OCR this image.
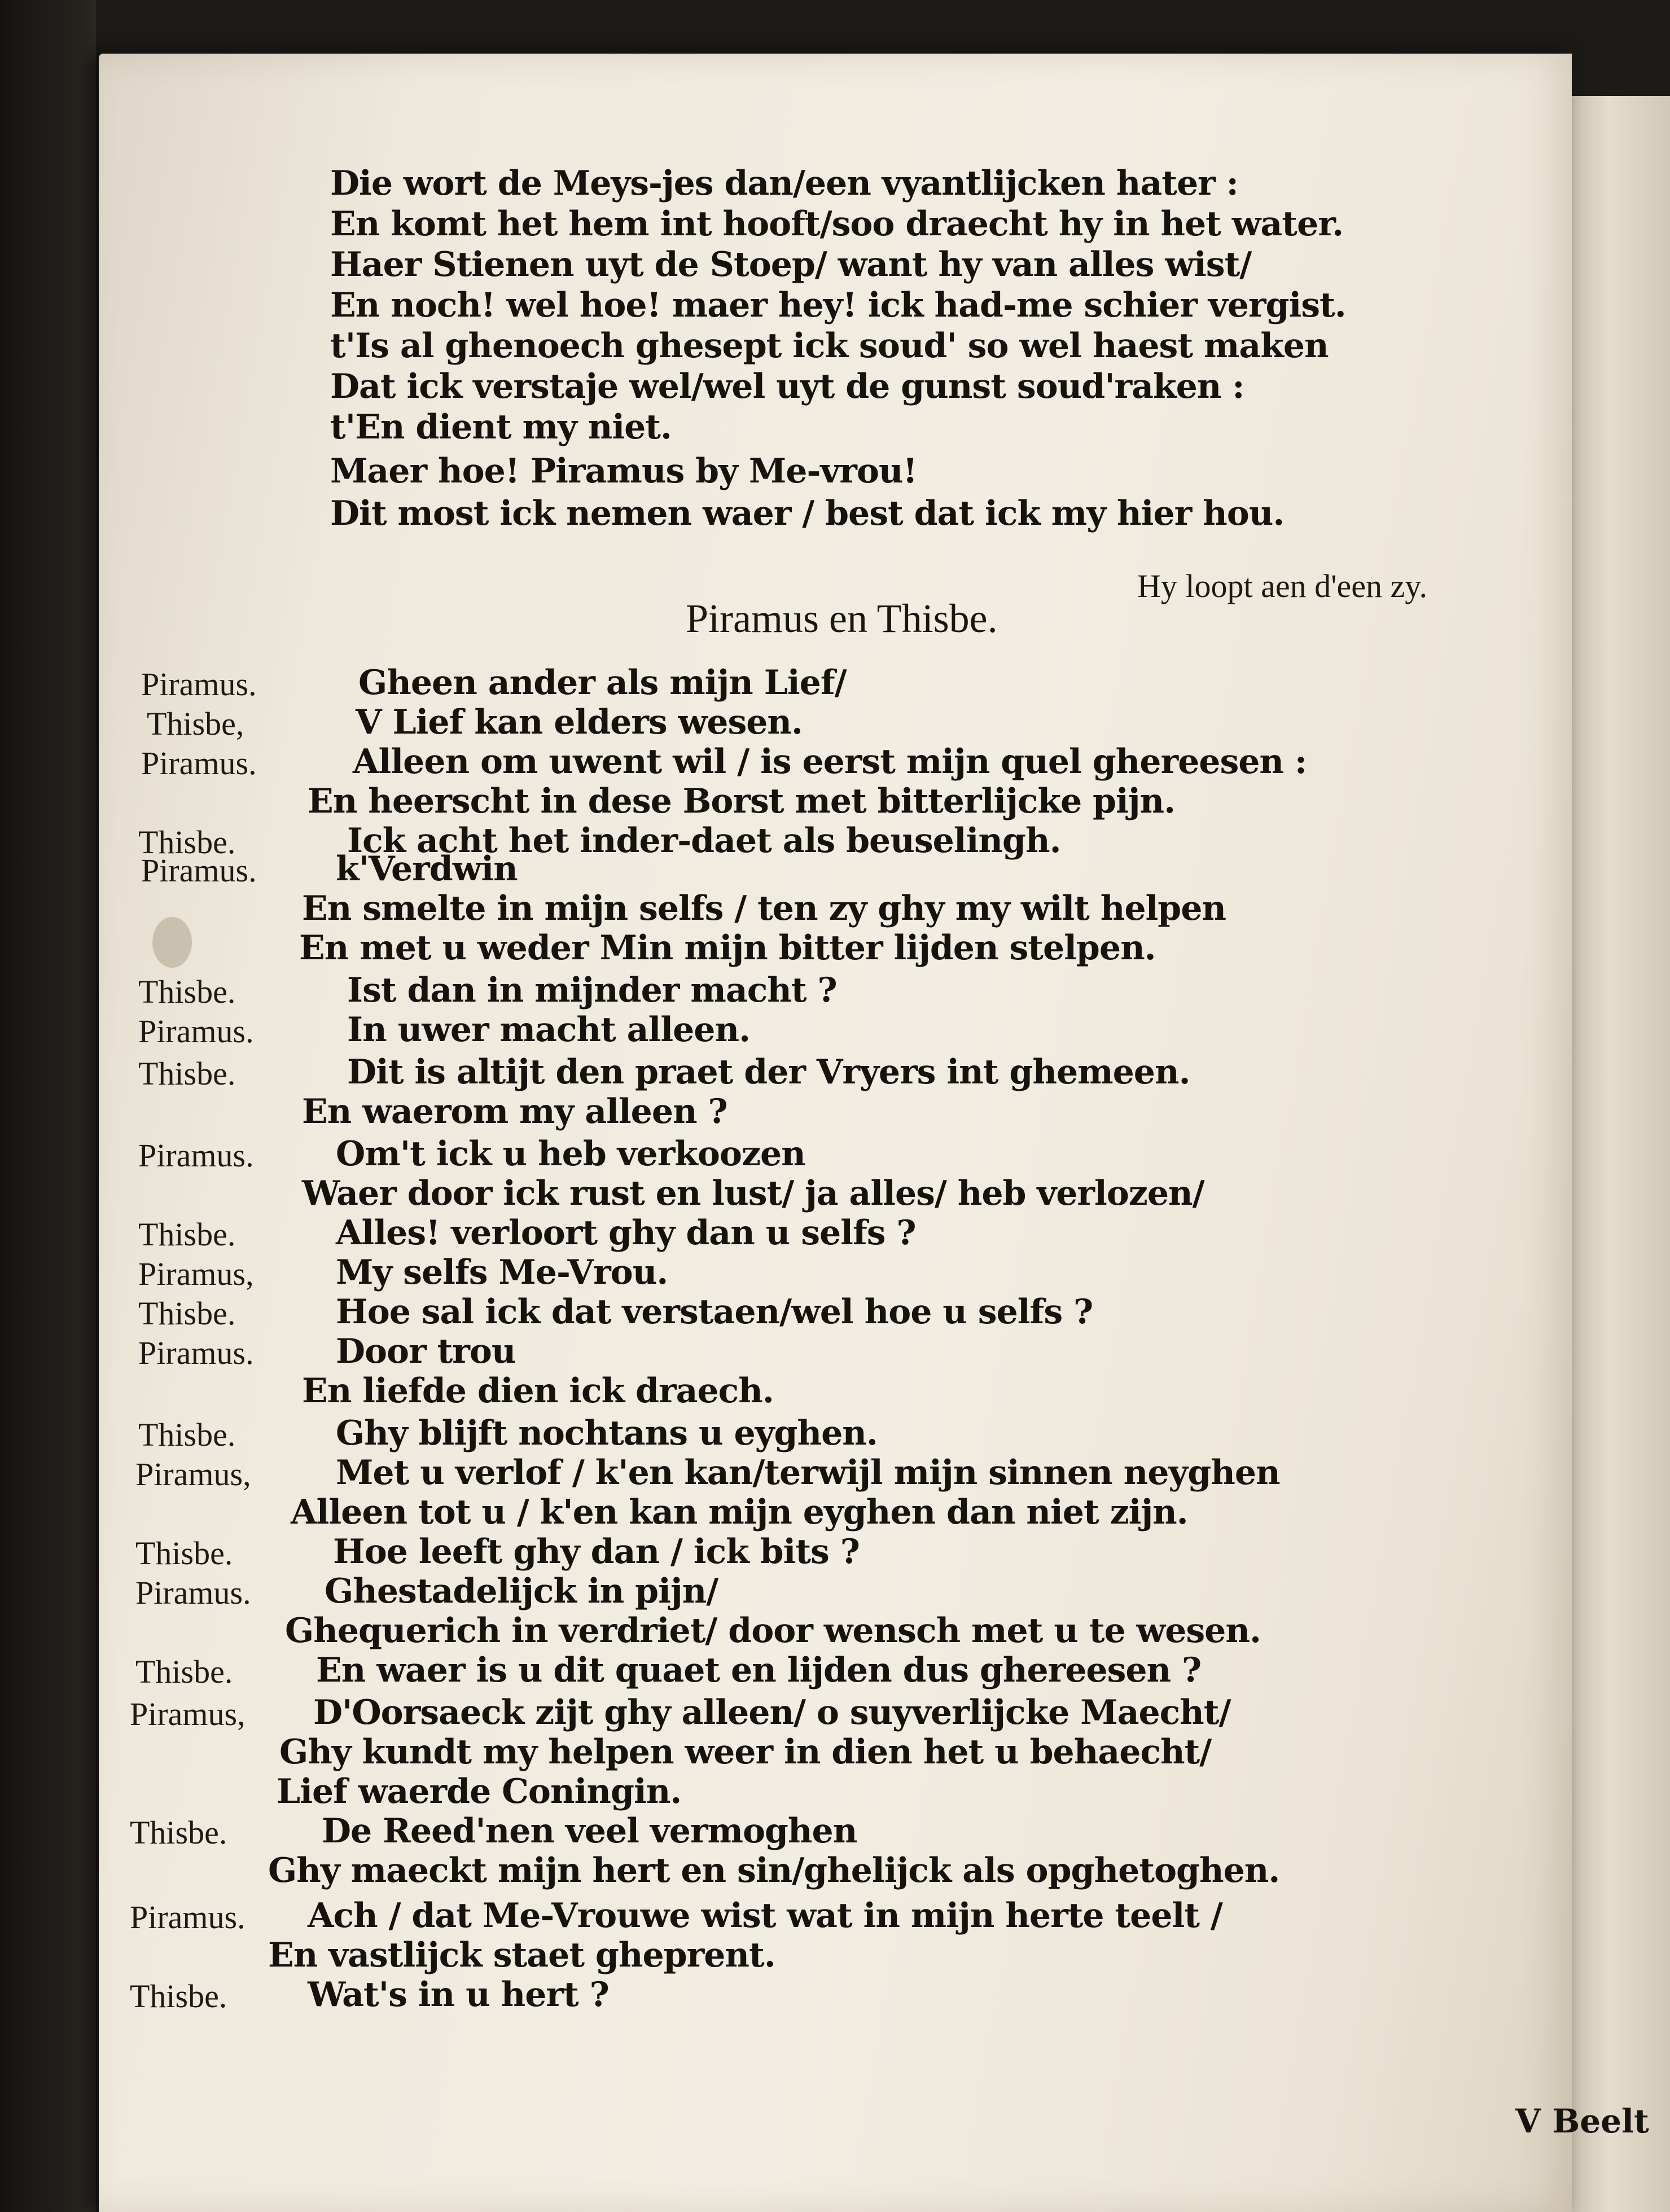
Die wort de Meys-jes dan/een vyantlijcken hater :
En komt het hem int hooft/soo draecht hy in het water.
Haer Stienen uyt de Stoep/ want hy van alles wist/
En noch! wel hoe! maer hey! ick had-me schier vergist.
t'Is al ghenoech ghesept ick soud' so wel haest maken
Dat ick verstaje wel/wel uyt de gunst soud'raken :
t'En dient my niet.
Maer hoe! Piramus by Me-vrou!
Dit most ick nemen waer / best dat ick my hier hou.
Hy loopt aen d'een zy.
Piramus en Thisbe.
Piramus.	Gheen ander als mijn Lief/
Thisbe,	V Lief kan elders wesen.
Piramus.	Alleen om uwent wil / is eerst mijn quel ghereesen :
En heerscht in dese Borst met bitterlijcke pijn.
Thisbe.	Ick acht het inder-daet als beuselingh.
Piramus. k'Verdwin
En smelte in mijn selfs / ten zy ghy my wilt helpen
En met u weder Min mijn bitter lijden stelpen.
Thisbe.	Ist dan in mijnder macht ?
Piramus.	In uwer macht alleen.
Thisbe.	Dit is altijt den praet der Vryers int ghemeen.
En waerom my alleen ?
Piramus. Om't ick u heb verkoozen
Waer door ick rust en lust/ ja alles/ heb verlozen/
Thisbe.	Alles! verloort ghy dan u selfs ?
Piramus, My selfs Me-Vrou.
Thisbe.	Hoe sal ick dat verstaen/wel hoe u selfs ?
Piramus. Door trou
En liefde dien ick draech.
Thisbe.	Ghy blijft nochtans u eyghen.
Piramus,	Met u verlof / k'en kan/terwijl mijn sinnen neyghen
Alleen tot u / k'en kan mijn eyghen dan niet zijn.
Thisbe.	Hoe leeft ghy dan / ick bits ?
Piramus. Ghestadelijck in pijn/
Ghequerich in verdriet/ door wensch met u te wesen.
Thisbe. En waer is u dit quaet en lijden dus ghereesen ?
Piramus, D'Oorsaeck zijt ghy alleen/ o suyverlijcke Maecht/
Ghy kundt my helpen weer in dien het u behaecht/
Lief waerde Coningin.
Thisbe.	De Reed'nen veel vermoghen
Ghy maeckt mijn hert en sin/ghelijck als opghetoghen.
Piramus. Ach / dat Me-Vrouwe wist wat in mijn herte teelt /
En vastlijck staet gheprent.
Thisbe. Wat's in u hert ?
V Beelt
